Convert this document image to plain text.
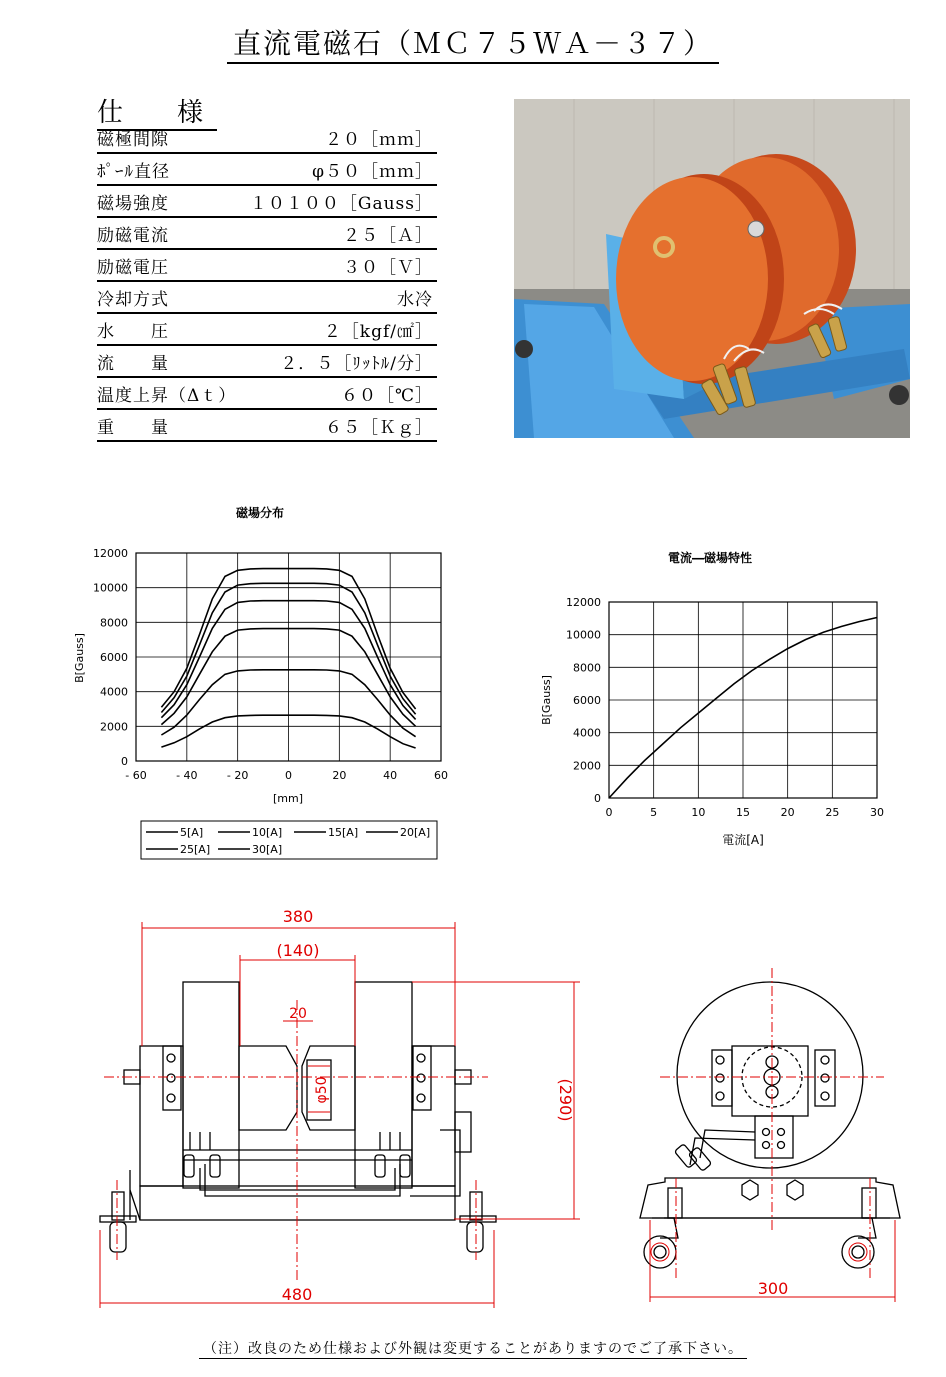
直流電磁石（ＭＣ７５ＷＡ－３７）
仕　様
磁極間隙	２０［ｍｍ］
ﾎﾟｰﾙ直径	φ５０［ｍｍ］
磁場強度	１０１００［Gauss］
励磁電流	２５［Ａ］
励磁電圧	３０［Ｖ］
冷却方式	水冷
水　　圧	２［kgf/㎠］
流　　量	２．５［ﾘｯﾄﾙ/分］
温度上昇（Δｔ）	６０［℃］
重　　量	６５［Ｋｇ］
磁場分布
- 60	- 40	- 20	0	20	40	60
0
2000
4000
6000
8000
10000
12000
[mm]
B[Gauss]
5[A]	10[A]	15[A]	20[A]
25[A]	30[A]
電流―磁場特性
0	5	10	15	20	25	30
0
2000
4000
6000
8000
10000
12000
電流[A]
B[Gauss]
380
(140)
20
φ50	(290)
480	300
（注）改良のため仕様および外観は変更することがありますのでご了承下さい。
